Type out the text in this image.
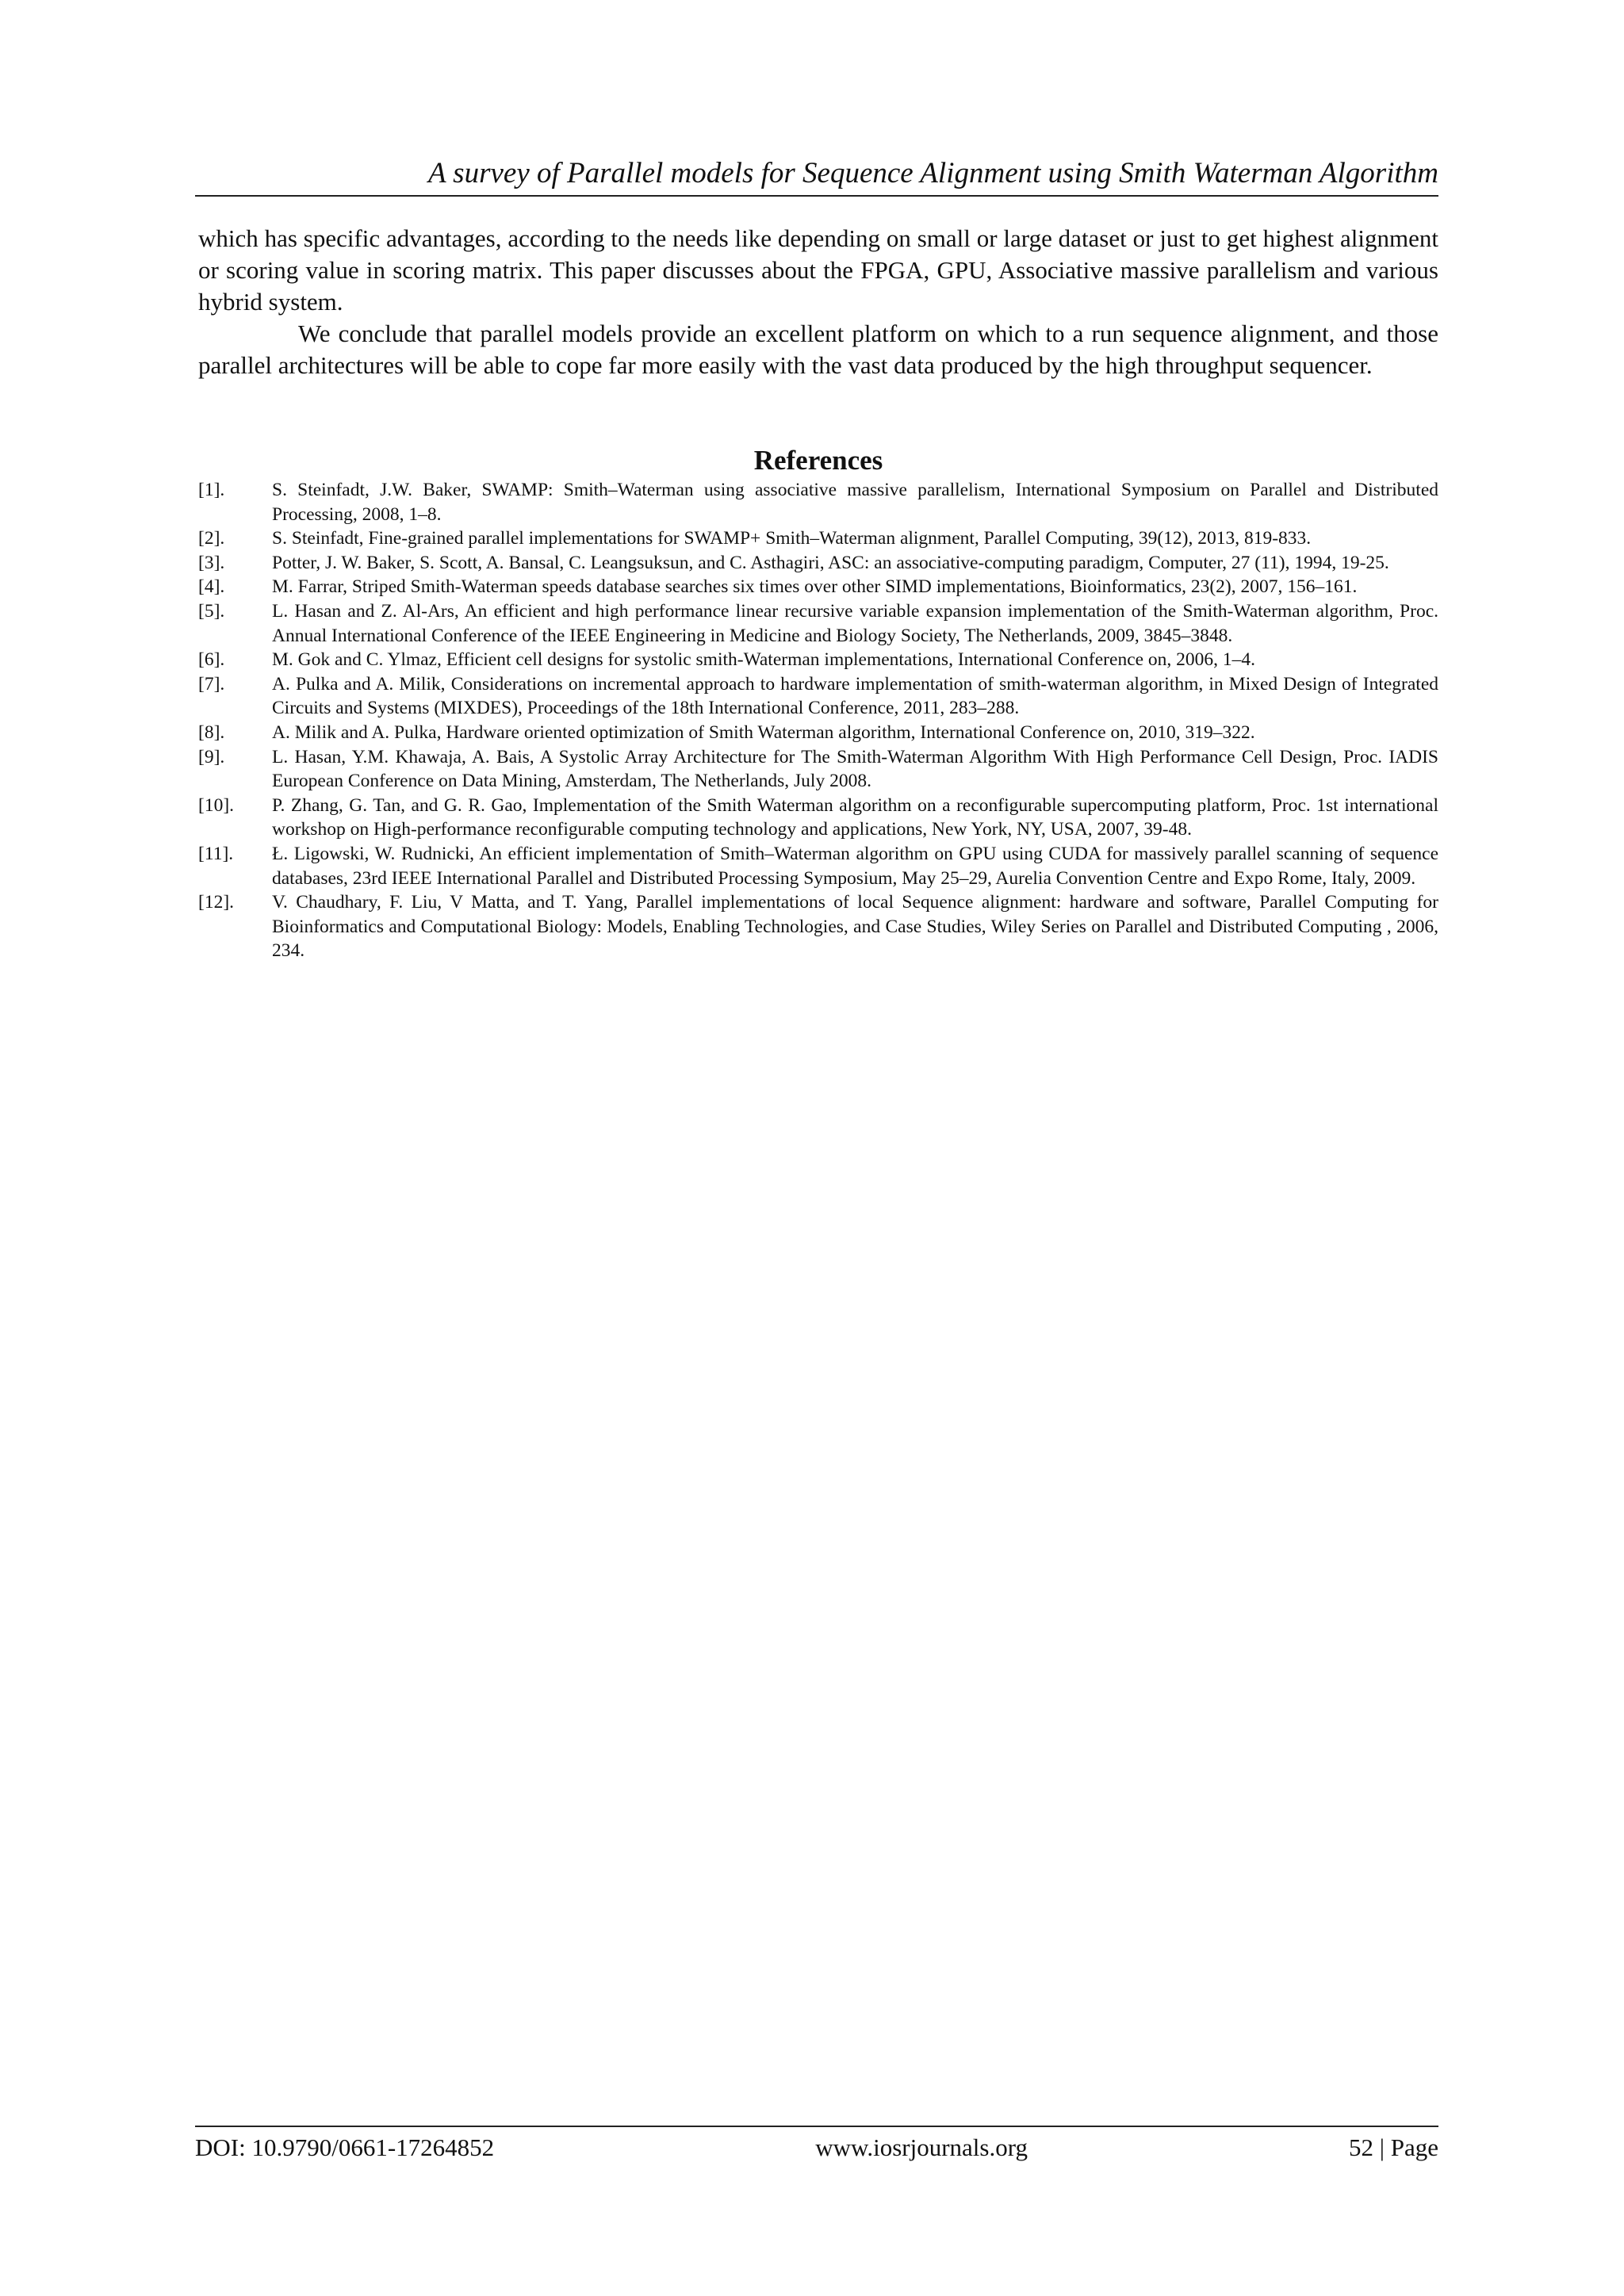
A survey of Parallel models for Sequence Alignment using Smith Waterman Algorithm

which has specific advantages, according to the needs like depending on small or large dataset or just to get highest alignment or scoring value in scoring matrix. This paper discusses about the FPGA, GPU, Associative massive parallelism and various hybrid system.

We conclude that parallel models provide an excellent platform on which to a run sequence alignment, and those parallel architectures will be able to cope far more easily with the vast data produced by the high throughput sequencer.

References
[1].	S. Steinfadt, J.W. Baker, SWAMP: Smith–Waterman using associative massive parallelism, International Symposium on Parallel and Distributed Processing, 2008, 1–8.
[2].	S. Steinfadt, Fine-grained parallel implementations for SWAMP+ Smith–Waterman alignment, Parallel Computing, 39(12), 2013, 819-833.
[3].	Potter, J. W. Baker, S. Scott, A. Bansal, C. Leangsuksun, and C. Asthagiri, ASC: an associative-computing paradigm, Computer, 27 (11), 1994, 19-25.
[4].	M. Farrar, Striped Smith-Waterman speeds database searches six times over other SIMD implementations, Bioinformatics, 23(2), 2007, 156–161.
[5].	L. Hasan and Z. Al-Ars, An efficient and high performance linear recursive variable expansion implementation of the Smith-Waterman algorithm, Proc. Annual International Conference of the IEEE Engineering in Medicine and Biology Society, The Netherlands, 2009, 3845–3848.
[6].	M. Gok and C. Ylmaz, Efficient cell designs for systolic smith-Waterman implementations, International Conference on, 2006, 1–4.
[7].	A. Pulka and A. Milik, Considerations on incremental approach to hardware implementation of smith-waterman algorithm, in Mixed Design of Integrated Circuits and Systems (MIXDES), Proceedings of the 18th International Conference, 2011, 283–288.
[8].	A. Milik and A. Pulka, Hardware oriented optimization of Smith Waterman algorithm, International Conference on, 2010, 319–322.
[9].	L. Hasan, Y.M. Khawaja, A. Bais, A Systolic Array Architecture for The Smith-Waterman Algorithm With High Performance Cell Design, Proc. IADIS European Conference on Data Mining, Amsterdam, The Netherlands, July 2008.
[10].	P. Zhang, G. Tan, and G. R. Gao, Implementation of the Smith Waterman algorithm on a reconfigurable supercomputing platform, Proc. 1st international workshop on High-performance reconfigurable computing technology and applications, New York, NY, USA, 2007, 39-48.
[11].	Ł. Ligowski, W. Rudnicki, An efficient implementation of Smith–Waterman algorithm on GPU using CUDA for massively parallel scanning of sequence databases, 23rd IEEE International Parallel and Distributed Processing Symposium, May 25–29, Aurelia Convention Centre and Expo Rome, Italy, 2009.
[12].	V. Chaudhary, F. Liu, V Matta, and T. Yang, Parallel implementations of local Sequence alignment: hardware and software, Parallel Computing for Bioinformatics and Computational Biology: Models, Enabling Technologies, and Case Studies, Wiley Series on Parallel and Distributed Computing , 2006, 234.
DOI: 10.9790/0661-17264852	www.iosrjournals.org	52 | Page
